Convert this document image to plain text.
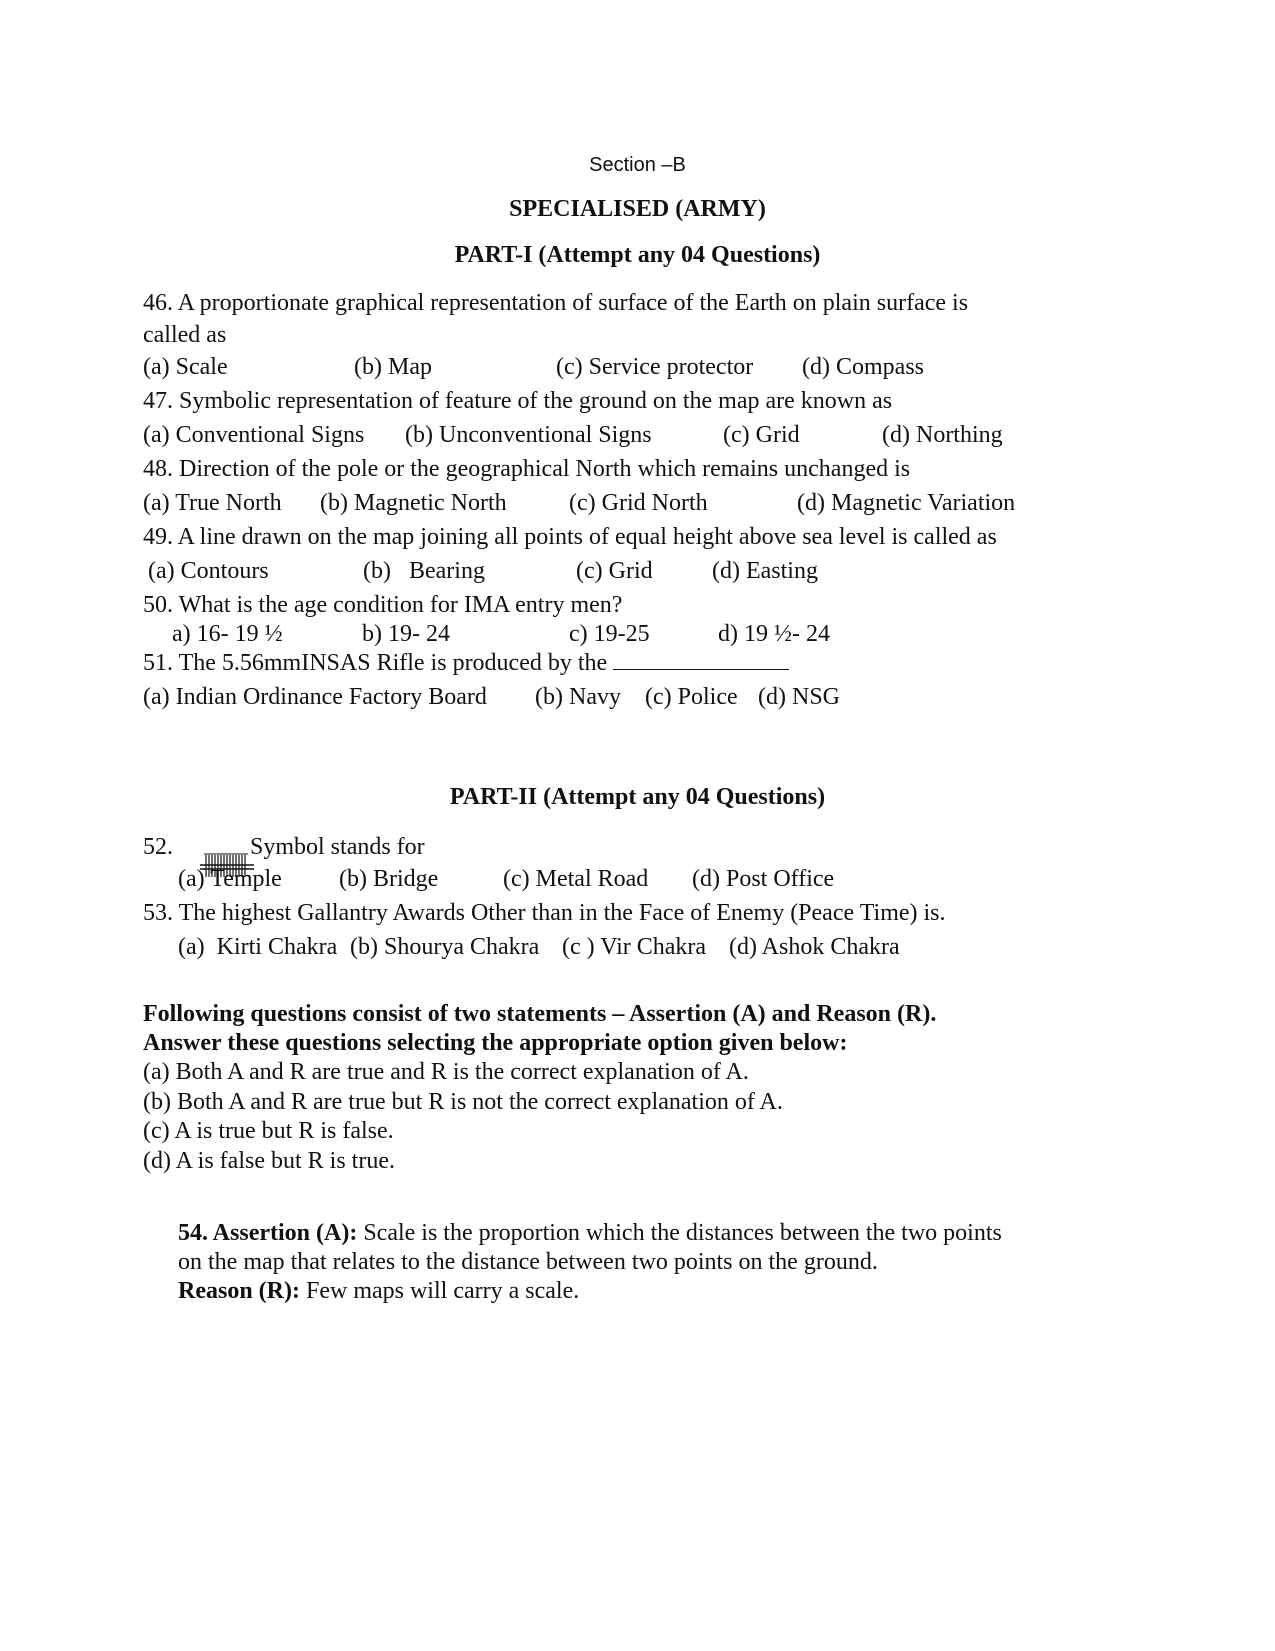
Section –B
SPECIALISED (ARMY)
PART-I (Attempt any 04 Questions)
46. A proportionate graphical representation of surface of the Earth on plain surface is
called as
(a) Scale	(b) Map	(c) Service protector (d) Compass
47. Symbolic representation of feature of the ground on the map are known as
(a) Conventional Signs (b) Unconventional Signs	(c) Grid	(d) Northing
48. Direction of the pole or the geographical North which remains unchanged is
(a) True North (b) Magnetic North	(c) Grid North	(d) Magnetic Variation
49. A line drawn on the map joining all points of equal height above sea level is called as
(a) Contours	(b)   Bearing	(c) Grid (d) Easting
50. What is the age condition for IMA entry men?
a) 16- 19 ½	b) 19- 24	c) 19-25	d) 19 ½- 24
51. The 5.56mmINSAS Rifle is produced by the
(a) Indian Ordinance Factory Board (b) Navy (c) Police (d) NSG
PART-II (Attempt any 04 Questions)
52.	Symbol stands for
(a) Temple (b) Bridge	(c) Metal Road (d) Post Office
53. The highest Gallantry Awards Other than in the Face of Enemy (Peace Time) is.
(a)  Kirti Chakra (b) Shourya Chakra (c ) Vir Chakra (d) Ashok Chakra
Following questions consist of two statements – Assertion (A) and Reason (R).
Answer these questions selecting the appropriate option given below:
(a) Both A and R are true and R is the correct explanation of A.
(b) Both A and R are true but R is not the correct explanation of A.
(c) A is true but R is false.
(d) A is false but R is true.
54. Assertion (A): Scale is the proportion which the distances between the two points
on the map that relates to the distance between two points on the ground.
Reason (R): Few maps will carry a scale.
